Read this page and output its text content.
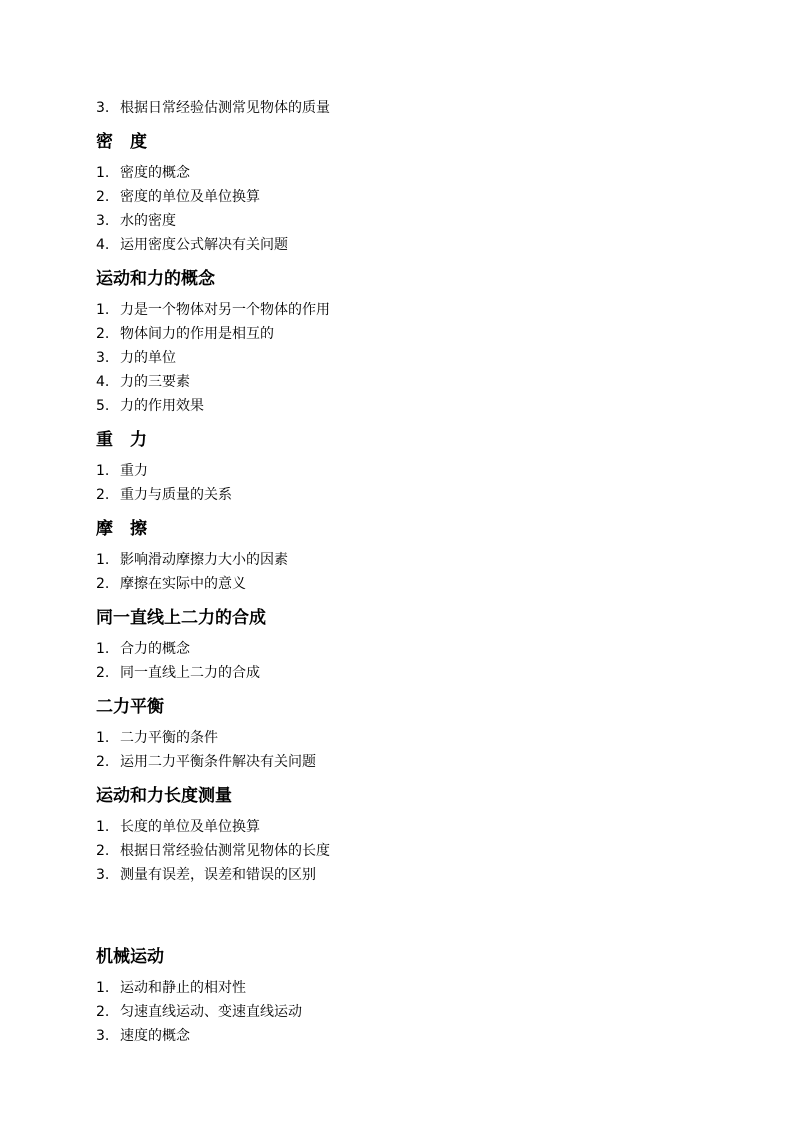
3. 根据日常经验估测常见物体的质量
密　度
1. 密度的概念
2. 密度的单位及单位换算
3. 水的密度
4. 运用密度公式解决有关问题
运动和力的概念
1. 力是一个物体对另一个物体的作用
2. 物体间力的作用是相互的
3. 力的单位
4. 力的三要素
5. 力的作用效果
重　力
1. 重力
2. 重力与质量的关系
摩　擦
1. 影响滑动摩擦力大小的因素
2. 摩擦在实际中的意义
同一直线上二力的合成
1. 合力的概念
2. 同一直线上二力的合成
二力平衡
1. 二力平衡的条件
2. 运用二力平衡条件解决有关问题
运动和力长度测量
1. 长度的单位及单位换算
2. 根据日常经验估测常见物体的长度
3. 测量有误差，误差和错误的区别
机械运动
1. 运动和静止的相对性
2. 匀速直线运动、变速直线运动
3. 速度的概念
